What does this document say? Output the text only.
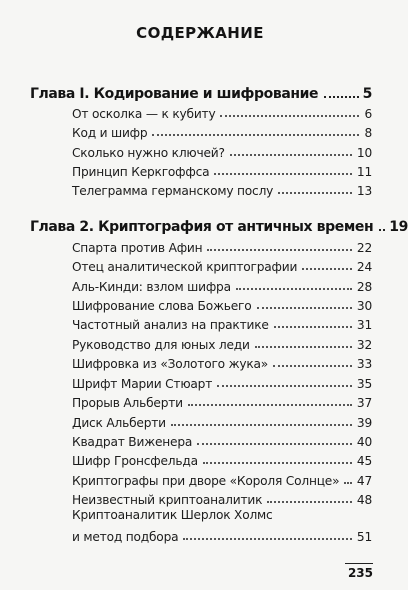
СОДЕРЖАНИЕ
Глава I. Кодирование и шифрование	5
От осколка — к кубиту	6
Код и шифр	8
Сколько нужно ключей?	10
Принцип Керкгоффса	11
Телеграмма германскому послу	13
Глава 2. Криптография от античных времен 19
Спарта против Афин	22
Отец аналитической криптографии	24
Аль-Кинди: взлом шифра	28
Шифрование слова Божьего	30
Частотный анализ на практике	31
Руководство для юных леди	32
Шифровка из «Золотого жука»	33
Шрифт Марии Стюарт	35
Прорыв Альберти	37
Диск Альберти	39
Квадрат Виженера	40
Шифр Гронсфельда	45
Криптографы при дворе «Короля Солнце» 47
Неизвестный криптоаналитик	48
Криптоаналитик Шерлок Холмс
и метод подбора	51
235
